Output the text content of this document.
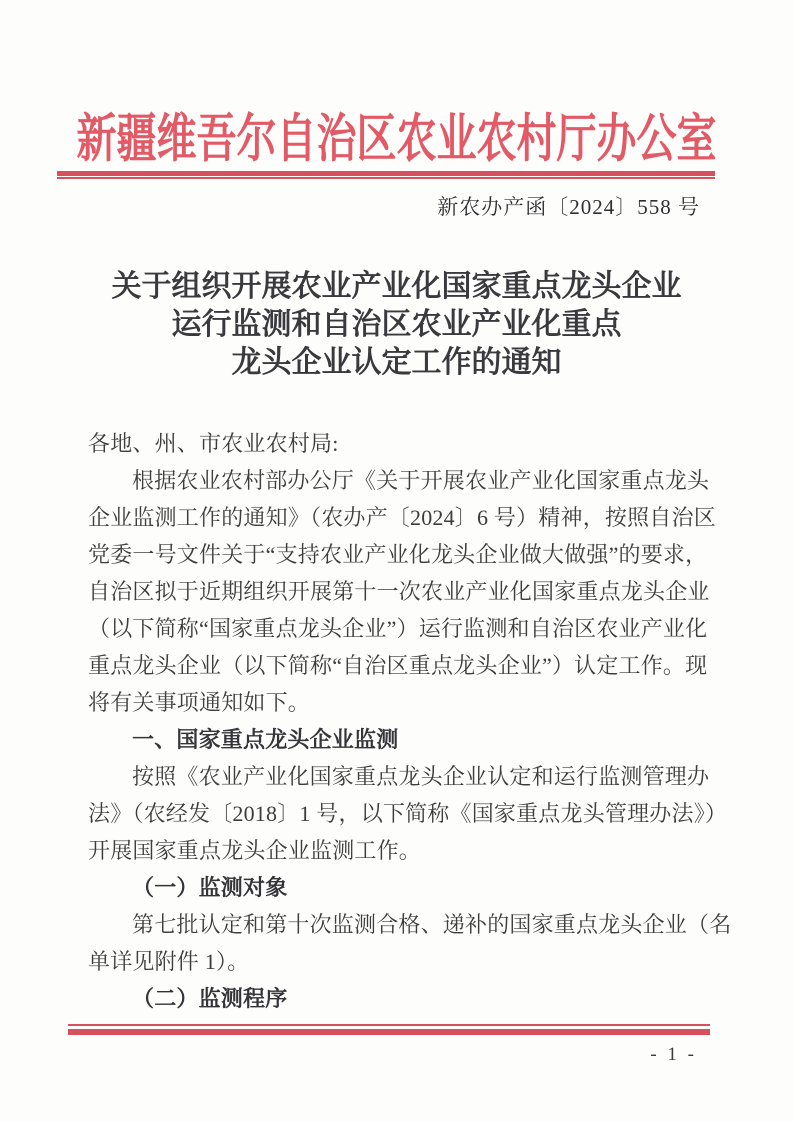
新疆维吾尔自治区农业农村厅办公室
新农办产函〔2024〕558 号
关于组织开展农业产业化国家重点龙头企业
运行监测和自治区农业产业化重点
龙头企业认定工作的通知
各地、州、市农业农村局:
根据农业农村部办公厅《关于开展农业产业化国家重点龙头
企业监测工作的通知》（农办产〔2024〕6 号）精神，按照自治区
党委一号文件关于“支持农业产业化龙头企业做大做强”的要求，
自治区拟于近期组织开展第十一次农业产业化国家重点龙头企业
（以下简称“国家重点龙头企业”）运行监测和自治区农业产业化
重点龙头企业（以下简称“自治区重点龙头企业”）认定工作。现
将有关事项通知如下。
一、国家重点龙头企业监测
按照《农业产业化国家重点龙头企业认定和运行监测管理办
法》（农经发〔2018〕1 号，以下简称《国家重点龙头管理办法》）
开展国家重点龙头企业监测工作。
（一）监测对象
第七批认定和第十次监测合格、递补的国家重点龙头企业（名
单详见附件 1）。
（二）监测程序
- 1 -
